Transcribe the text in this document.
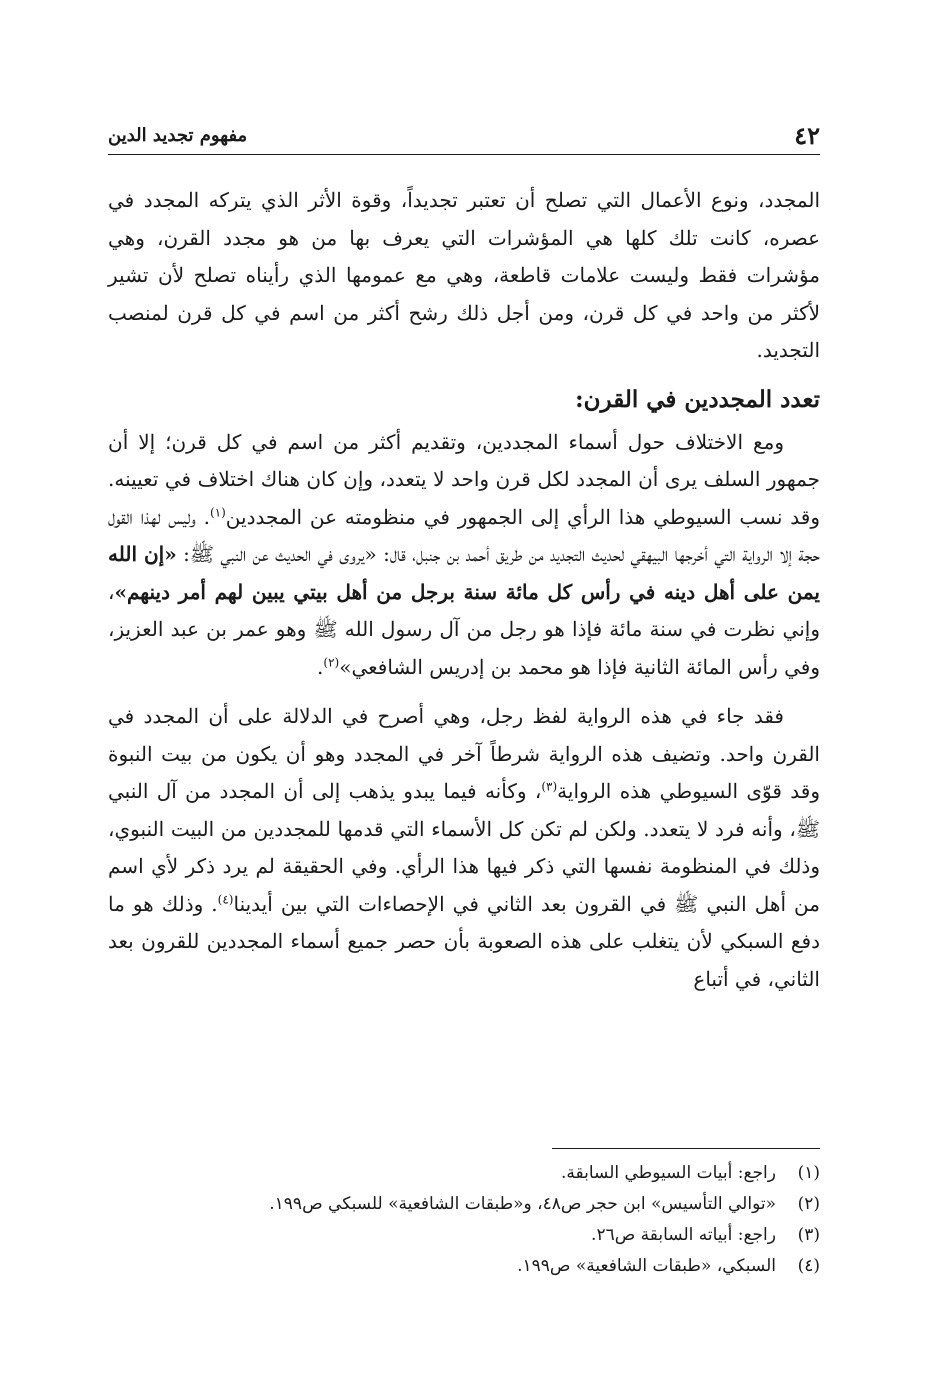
٤٢
مفهوم تجديد الدين

المجدد، ونوع الأعمال التي تصلح أن تعتبر تجديداً، وقوة الأثر الذي يتركه المجدد في عصره، كانت تلك كلها هي المؤشرات التي يعرف بها من هو مجدد القرن، وهي مؤشرات فقط وليست علامات قاطعة، وهي مع عمومها الذي رأيناه تصلح لأن تشير لأكثر من واحد في كل قرن، ومن أجل ذلك رشح أكثر من اسم في كل قرن لمنصب التجديد.

تعدد المجددين في القرن:

ومع الاختلاف حول أسماء المجددين، وتقديم أكثر من اسم في كل قرن؛ إلا أن جمهور السلف يرى أن المجدد لكل قرن واحد لا يتعدد، وإن كان هناك اختلاف في تعيينه. وقد نسب السيوطي هذا الرأي إلى الجمهور في منظومته عن المجددين$^{(١)}$. وليس لهذا القول حجة إلا الرواية التي أخرجها البيهقي لحديث التجديد من طريق أحمد بن جنبل، قال: «يروى في الحديث عن النبي ﷺ: «إن الله يمن على أهل دينه في رأس كل مائة سنة برجل من أهل بيتي يبين لهم أمر دينهم»، وإني نظرت في سنة مائة فإذا هو رجل من آل رسول الله ﷺ وهو عمر بن عبد العزيز، وفي رأس المائة الثانية فإذا هو محمد بن إدريس الشافعي»$^{(٢)}$.

فقد جاء في هذه الرواية لفظ رجل، وهي أصرح في الدلالة على أن المجدد في القرن واحد. وتضيف هذه الرواية شرطاً آخر في المجدد وهو أن يكون من بيت النبوة وقد قوّى السيوطي هذه الرواية$^{(٣)}$، وكأنه فيما يبدو يذهب إلى أن المجدد من آل النبي ﷺ، وأنه فرد لا يتعدد. ولكن لم تكن كل الأسماء التي قدمها للمجددين من البيت النبوي، وذلك في المنظومة نفسها التي ذكر فيها هذا الرأي. وفي الحقيقة لم يرد ذكر لأي اسم من أهل النبي ﷺ في القرون بعد الثاني في الإحصاءات التي بين أيدينا$^{(٤)}$. وذلك هو ما دفع السبكي لأن يتغلب على هذه الصعوبة بأن حصر جميع أسماء المجددين للقرون بعد الثاني، في أتباع

(١)
راجع: أبيات السيوطي السابقة.
(٢)
«توالي التأسيس» ابن حجر ص٤٨، و«طبقات الشافعية» للسبكي ص١٩٩.
(٣)
راجع: أبياته السابقة ص٢٦.
(٤)
السبكي، «طبقات الشافعية» ص١٩٩.
